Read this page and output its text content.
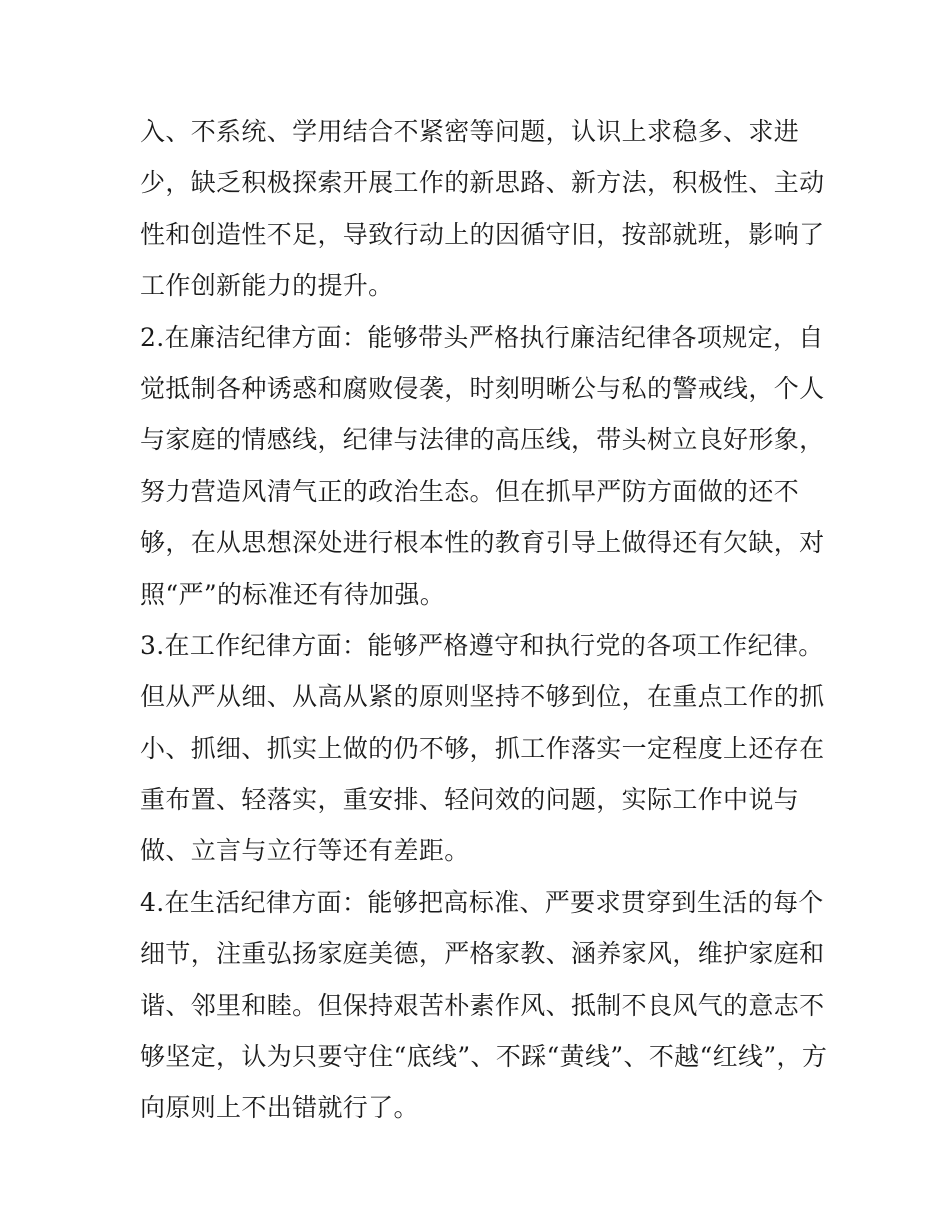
入、不系统、学用结合不紧密等问题，认识上求稳多、求进
少，缺乏积极探索开展工作的新思路、新方法，积极性、主动
性和创造性不足，导致行动上的因循守旧，按部就班，影响了
工作创新能力的提升。
2.在廉洁纪律方面：能够带头严格执行廉洁纪律各项规定，自
觉抵制各种诱惑和腐败侵袭，时刻明晰公与私的警戒线，个人
与家庭的情感线，纪律与法律的高压线，带头树立良好形象，
努力营造风清气正的政治生态。但在抓早严防方面做的还不
够，在从思想深处进行根本性的教育引导上做得还有欠缺，对
照“严”的标准还有待加强。
3.在工作纪律方面：能够严格遵守和执行党的各项工作纪律。
但从严从细、从高从紧的原则坚持不够到位，在重点工作的抓
小、抓细、抓实上做的仍不够，抓工作落实一定程度上还存在
重布置、轻落实，重安排、轻问效的问题，实际工作中说与
做、立言与立行等还有差距。
4.在生活纪律方面：能够把高标准、严要求贯穿到生活的每个
细节，注重弘扬家庭美德，严格家教、涵养家风，维护家庭和
谐、邻里和睦。但保持艰苦朴素作风、抵制不良风气的意志不
够坚定，认为只要守住“底线”、不踩“黄线”、不越“红线”，方
向原则上不出错就行了。
